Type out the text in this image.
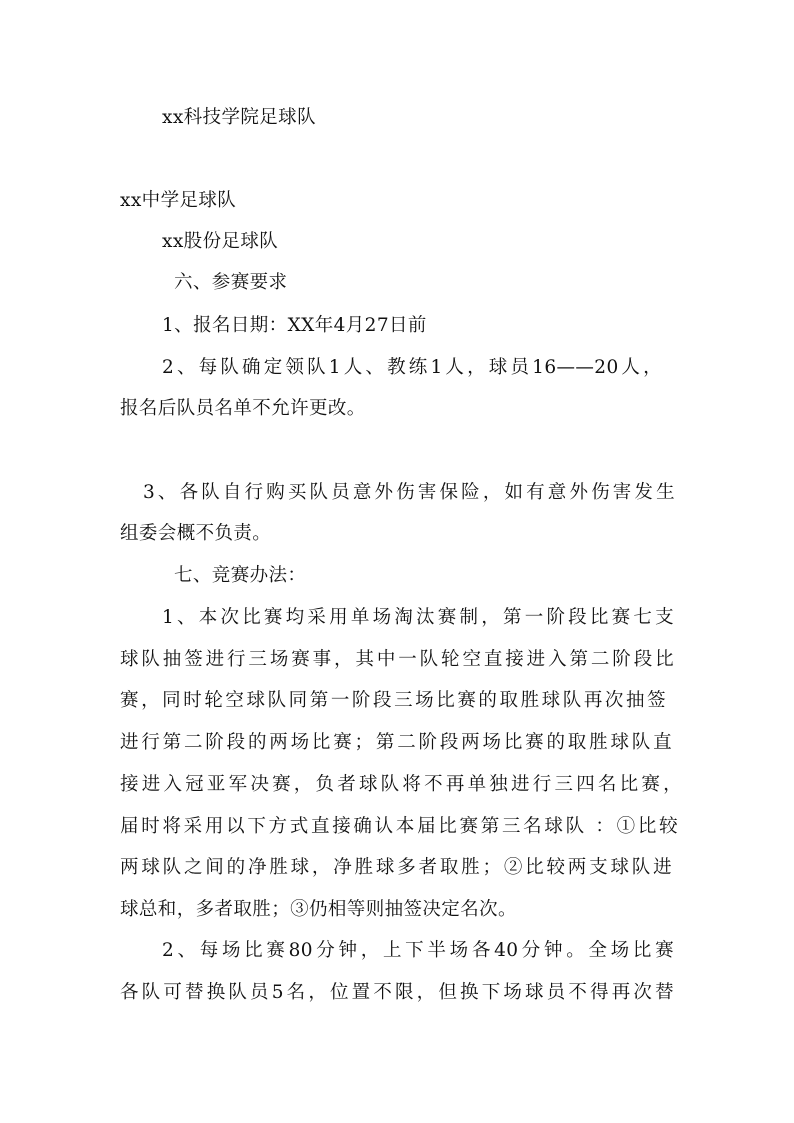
xx科技学院足球队
xx中学足球队
xx股份足球队
六、参赛要求
1、报名日期：XX年4月27日前
2、每队确定领队1人、教练1人，球员16——20人，
报名后队员名单不允许更改。
3、各队自行购买队员意外伤害保险，如有意外伤害发生
组委会概不负责。
七、竞赛办法：
1、本次比赛均采用单场淘汰赛制，第一阶段比赛七支
球队抽签进行三场赛事，其中一队轮空直接进入第二阶段比
赛，同时轮空球队同第一阶段三场比赛的取胜球队再次抽签
进行第二阶段的两场比赛；第二阶段两场比赛的取胜球队直
接进入冠亚军决赛，负者球队将不再单独进行三四名比赛，
届时将采用以下方式直接确认本届比赛第三名球队 ：①比较
两球队之间的净胜球，净胜球多者取胜；②比较两支球队进
球总和，多者取胜；③仍相等则抽签决定名次。
2、每场比赛80分钟，上下半场各40分钟。全场比赛
各队可替换队员5名，位置不限，但换下场球员不得再次替
